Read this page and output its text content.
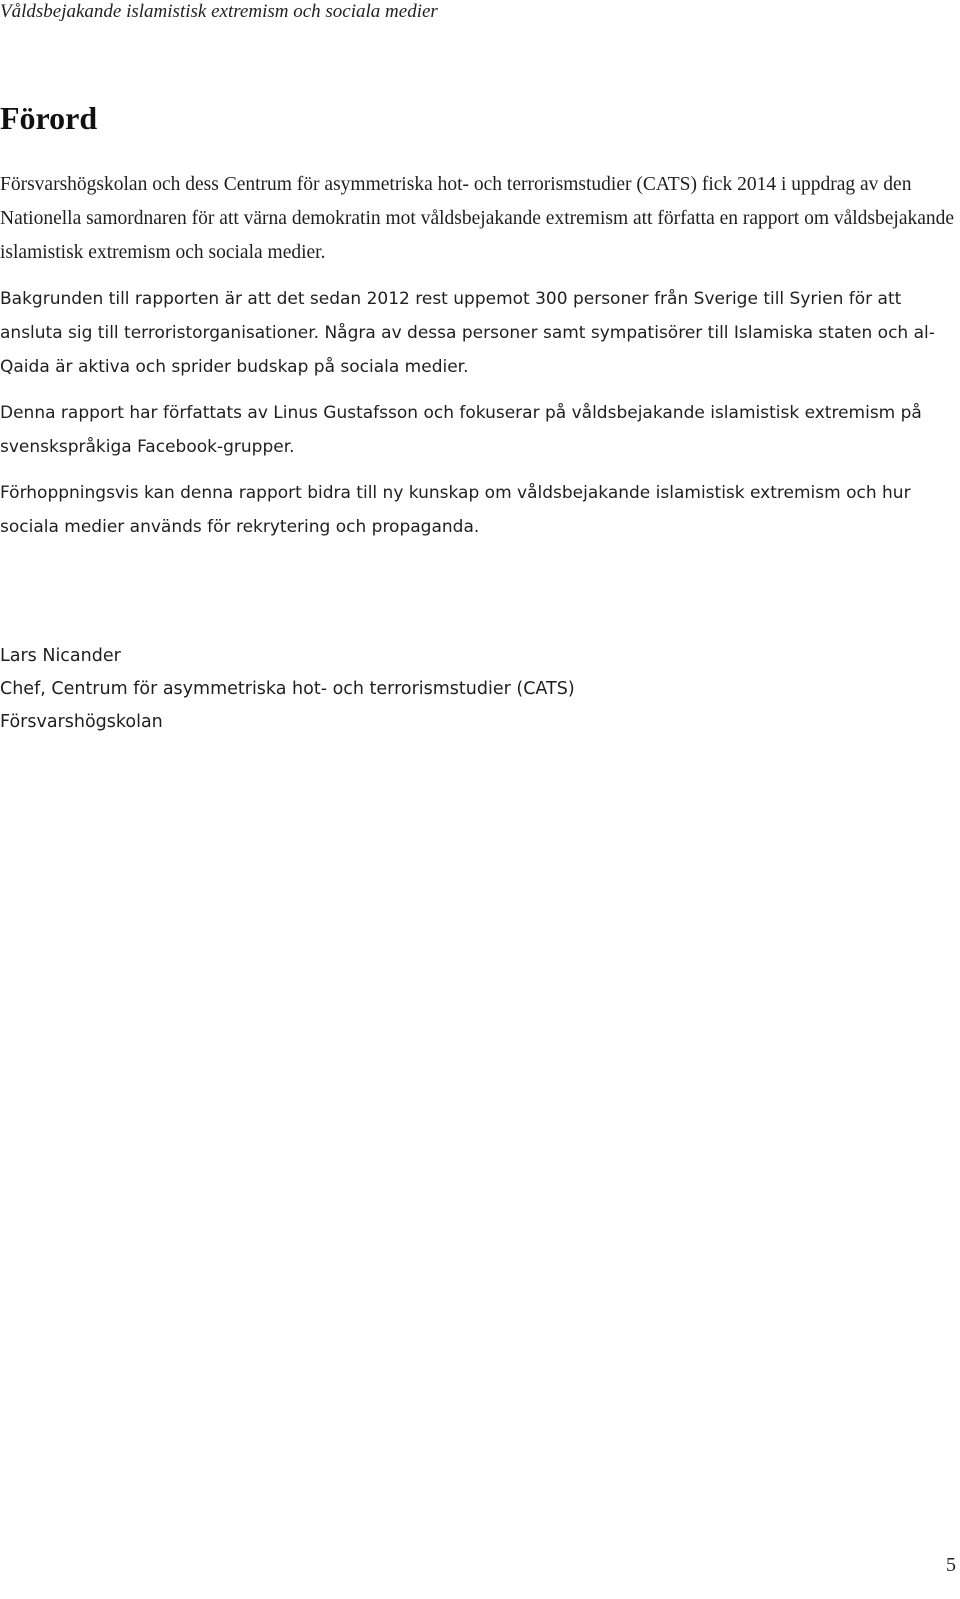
Våldsbejakande islamistisk extremism och sociala medier
Förord

Försvarshögskolan och dess Centrum för asymmetriska hot- och terrorismstudier (CATS) fick 2014 i uppdrag av den Nationella samordnaren för att värna demokratin mot våldsbejakande extremism att författa en rapport om våldsbejakande islamistisk extremism och sociala medier.

Bakgrunden till rapporten är att det sedan 2012 rest uppemot 300 personer från Sverige till Syrien för att ansluta sig till terroristorganisationer. Några av dessa personer samt sympatisörer till Islamiska staten och al-Qaida är aktiva och sprider budskap på sociala medier.

Denna rapport har författats av Linus Gustafsson och fokuserar på våldsbejakande islamistisk extremism på svenskspråkiga Facebook-grupper.

Förhoppningsvis kan denna rapport bidra till ny kunskap om våldsbejakande islamistisk extremism och hur sociala medier används för rekrytering och propaganda.

Lars Nicander
Chef, Centrum för asymmetriska hot- och terrorismstudier (CATS)
Försvarshögskolan
5
